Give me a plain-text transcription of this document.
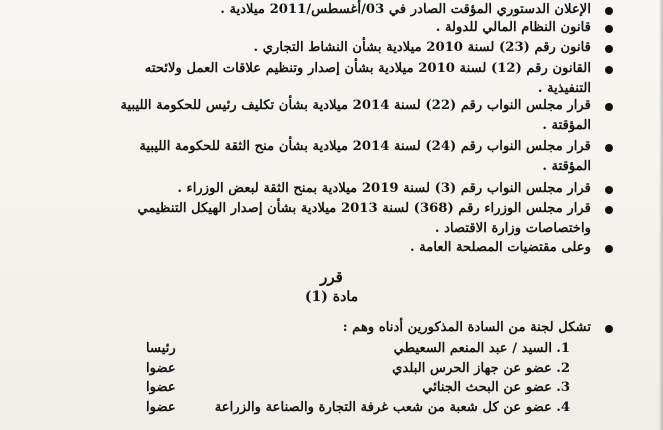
الإعلان الدستوري المؤقت الصادر في 03/أغسطس/2011 ميلادية .
قانون النظام المالي للدولة .
قانون رقم (23) لسنة 2010 ميلادية بشأن النشاط التجاري .
القانون رقم (12) لسنة 2010 ميلادية بشأن إصدار وتنظيم علاقات العمل ولائحته
التنفيذية .
قرار مجلس النواب رقم (22) لسنة 2014 ميلادية بشأن تكليف رئيس للحكومة الليبية
المؤقتة .
قرار مجلس النواب رقم (24) لسنة 2014 ميلادية بشأن منح الثقة للحكومة الليبية
المؤقتة .
قرار مجلس النواب رقم (3) لسنة 2019 ميلادية بمنح الثقة لبعض الوزراء .
قرار مجلس الوزراء رقم (368) لسنة 2013 ميلادية بشأن إصدار الهيكل التنظيمي
واختصاصات وزارة الاقتصاد .
وعلى مقتضيات المصلحة العامة .
قرر
مادة (1)
تشكل لجنة من السادة المذكورين أدناه وهم :
1.
السيد / عبد المنعم السعيطي
رئيسا
2.
عضو عن جهاز الحرس البلدي
عضوا
3.
عضو عن البحث الجنائي
عضوا
4.
عضو عن كل شعبة من شعب غرفة التجارة والصناعة والزراعة
عضوا
